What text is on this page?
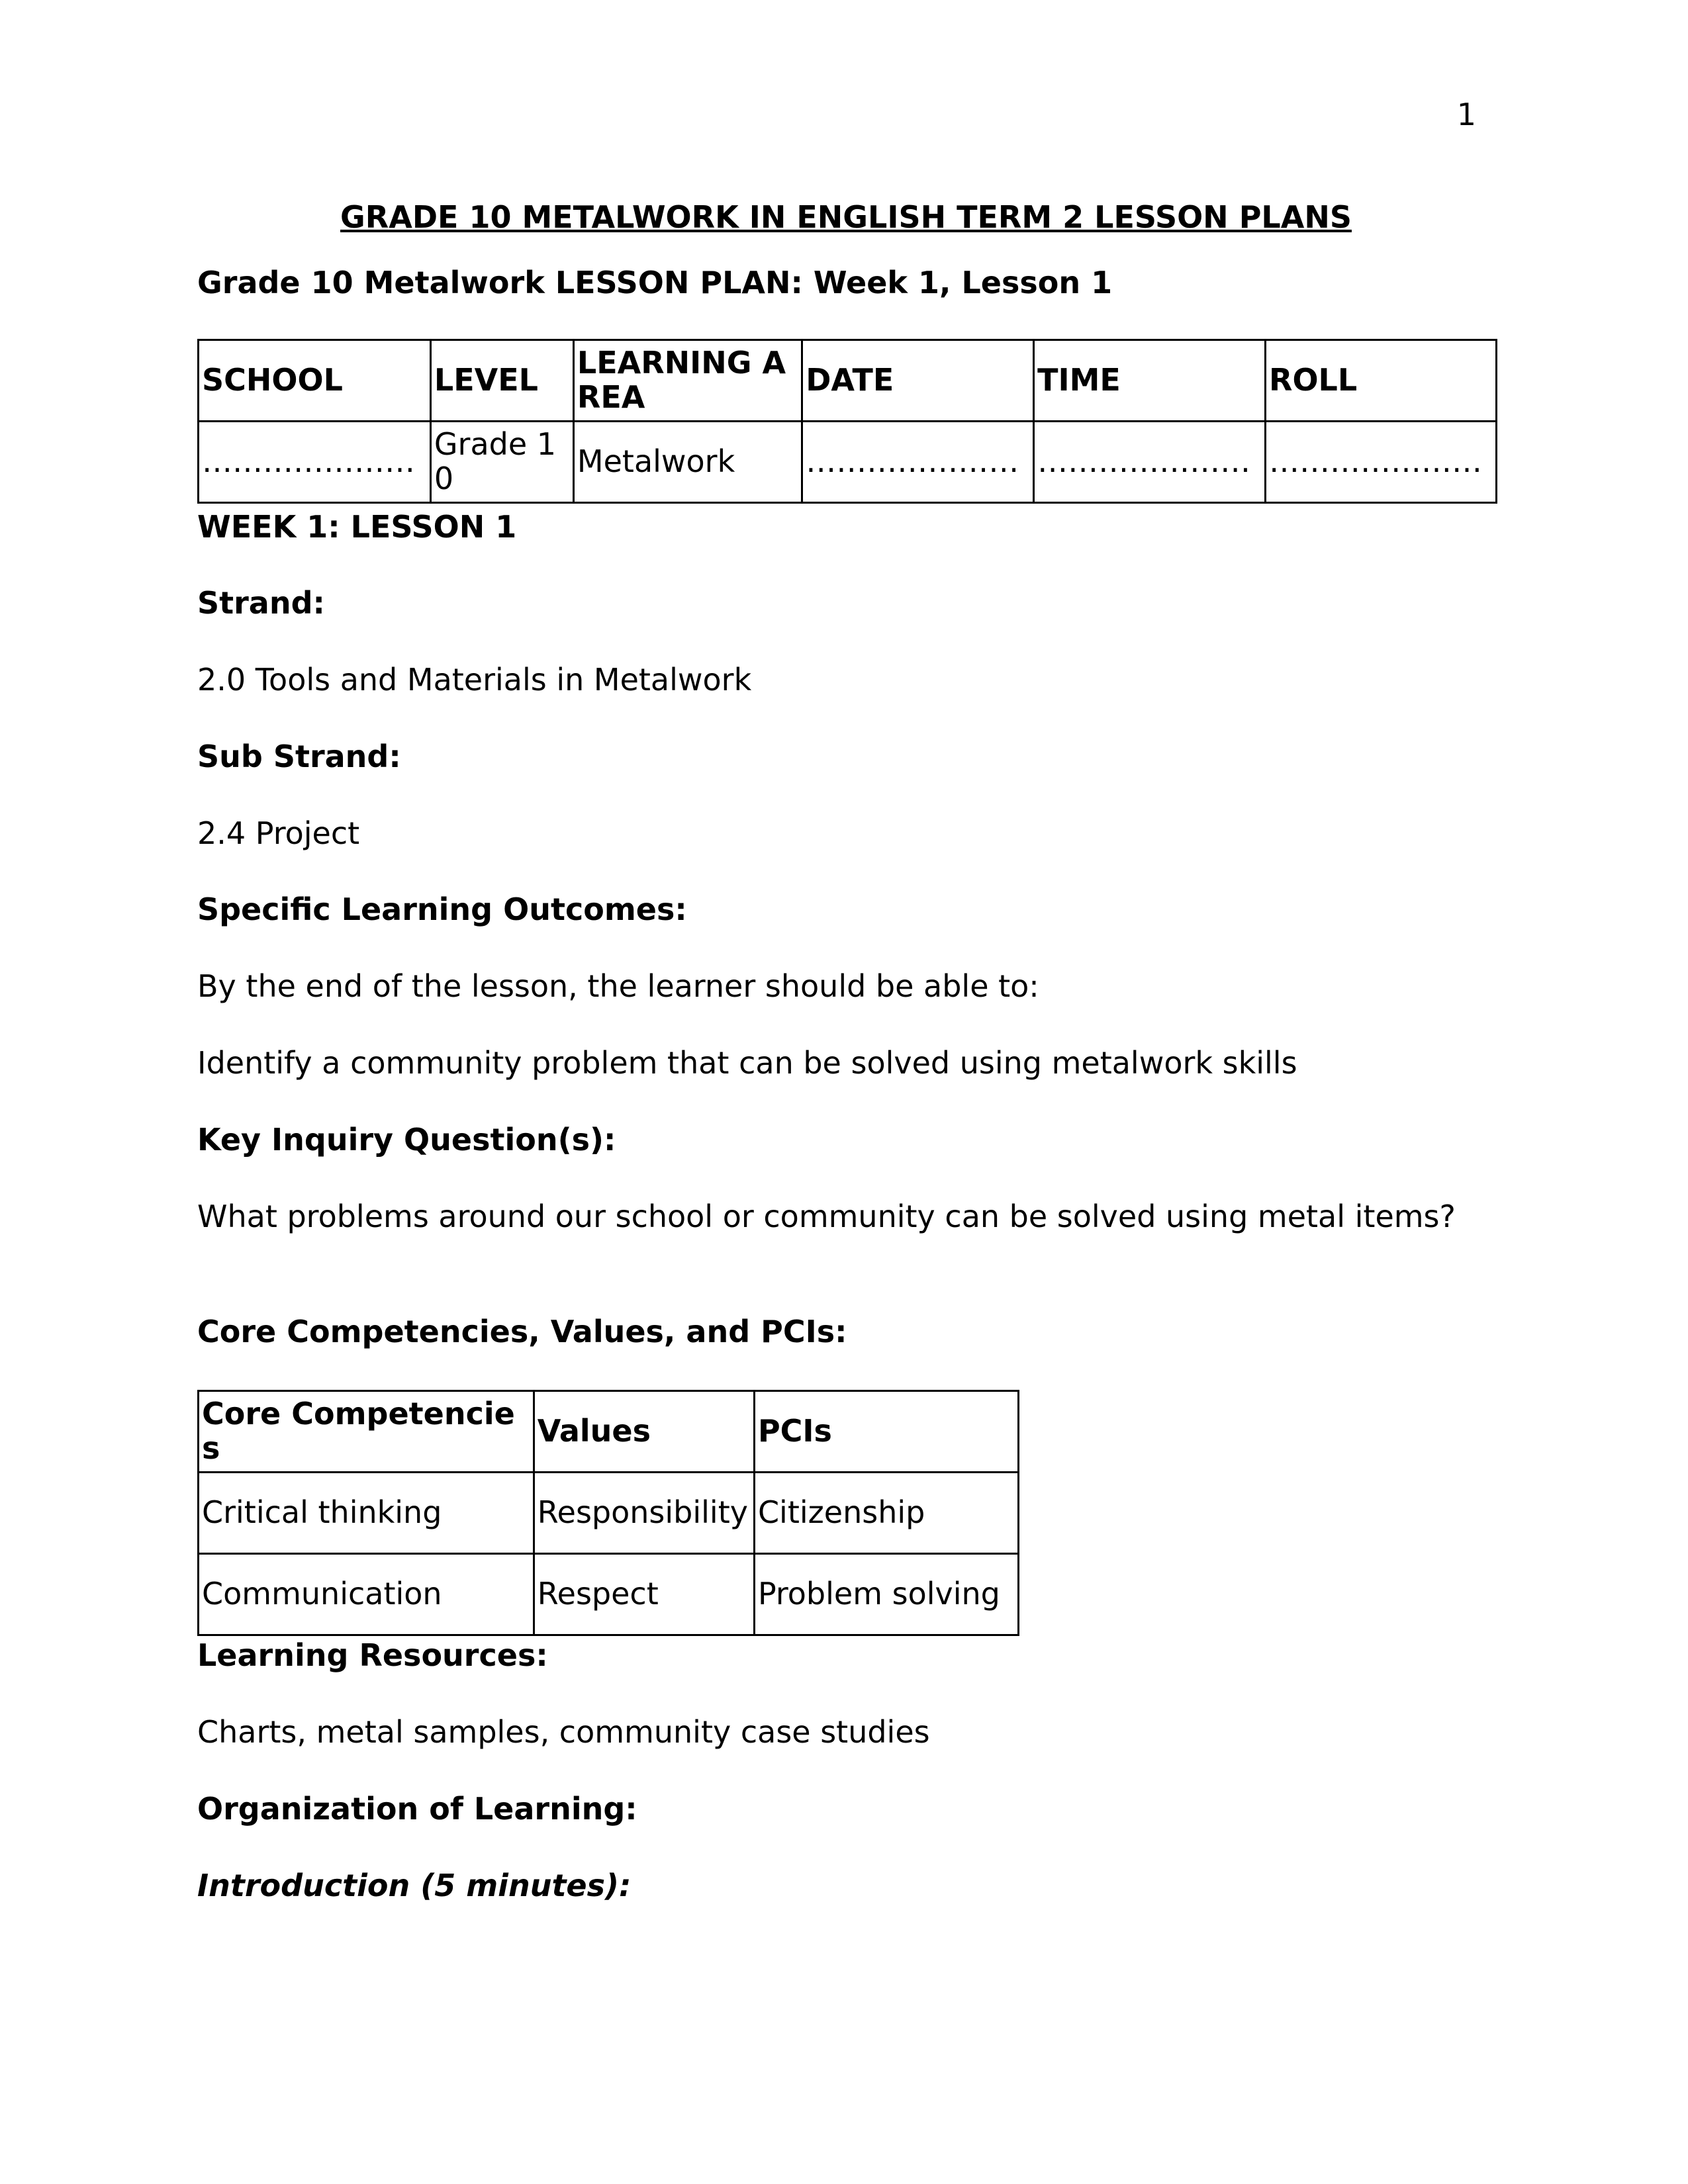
1
GRADE 10 METALWORK IN ENGLISH TERM 2 LESSON PLANS
Grade 10 Metalwork LESSON PLAN: Week 1, Lesson 1
SCHOOL	LEVEL	LEARNING AREA	DATE	TIME	ROLL
…………………	Grade 10	Metalwork	…………………	…………………	…………………
WEEK 1: LESSON 1
Strand:
2.0 Tools and Materials in Metalwork
Sub Strand:
2.4 Project
Specific Learning Outcomes:
By the end of the lesson, the learner should be able to:
Identify a community problem that can be solved using metalwork skills
Key Inquiry Question(s):
What problems around our school or community can be solved using metal items?
Core Competencies, Values, and PCIs:
Core Competencies	Values	PCIs
Critical thinking	Responsibility	Citizenship
Communication	Respect	Problem solving
Learning Resources:
Charts, metal samples, community case studies
Organization of Learning:
Introduction (5 minutes):
